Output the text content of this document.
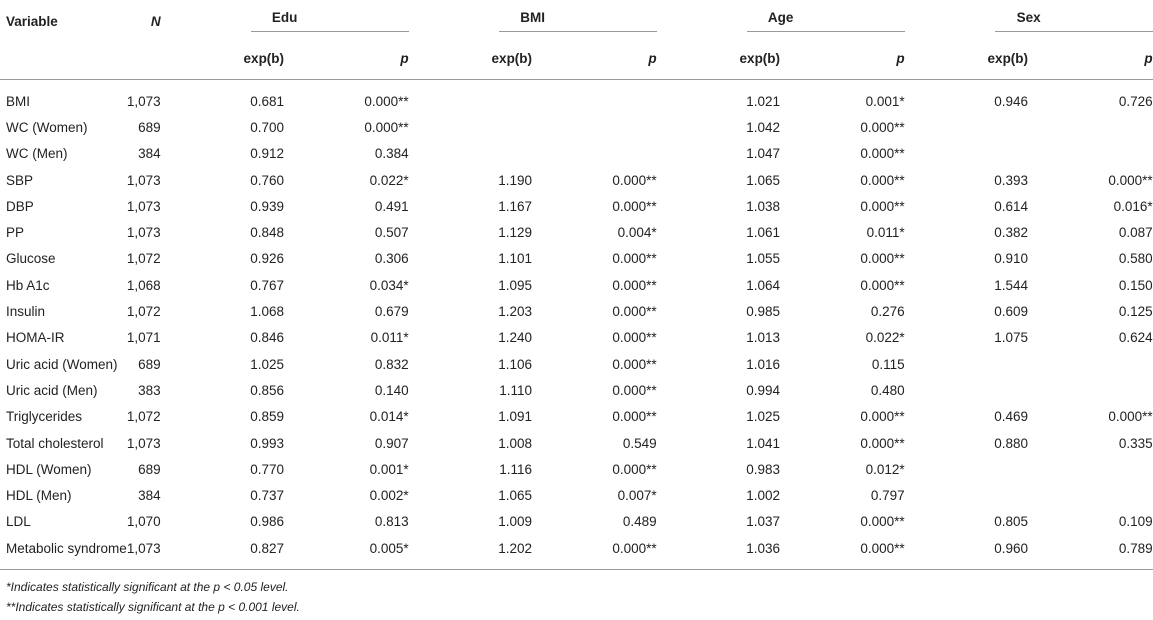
Variable	N	Edu		BMI		Age		Sex	

		exp(b)	p	exp(b)	p	exp(b)	p	exp(b)	p
BMI	1,073	0.681	0.000**			1.021	0.001*	0.946	0.726
WC (Women)	689	0.700	0.000**			1.042	0.000**		
WC (Men)	384	0.912	0.384			1.047	0.000**		
SBP	1,073	0.760	0.022*	1.190	0.000**	1.065	0.000**	0.393	0.000**
DBP	1,073	0.939	0.491	1.167	0.000**	1.038	0.000**	0.614	0.016*
PP	1,073	0.848	0.507	1.129	0.004*	1.061	0.011*	0.382	0.087
Glucose	1,072	0.926	0.306	1.101	0.000**	1.055	0.000**	0.910	0.580
Hb A1c	1,068	0.767	0.034*	1.095	0.000**	1.064	0.000**	1.544	0.150
Insulin	1,072	1.068	0.679	1.203	0.000**	0.985	0.276	0.609	0.125
HOMA-IR	1,071	0.846	0.011*	1.240	0.000**	1.013	0.022*	1.075	0.624
Uric acid (Women)	689	1.025	0.832	1.106	0.000**	1.016	0.115		
Uric acid (Men)	383	0.856	0.140	1.110	0.000**	0.994	0.480		
Triglycerides	1,072	0.859	0.014*	1.091	0.000**	1.025	0.000**	0.469	0.000**
Total cholesterol	1,073	0.993	0.907	1.008	0.549	1.041	0.000**	0.880	0.335
HDL (Women)	689	0.770	0.001*	1.116	0.000**	0.983	0.012*		
HDL (Men)	384	0.737	0.002*	1.065	0.007*	1.002	0.797		
LDL	1,070	0.986	0.813	1.009	0.489	1.037	0.000**	0.805	0.109
Metabolic syndrome	1,073	0.827	0.005*	1.202	0.000**	1.036	0.000**	0.960	0.789
*Indicates statistically significant at the p < 0.05 level.
**Indicates statistically significant at the p < 0.001 level.
